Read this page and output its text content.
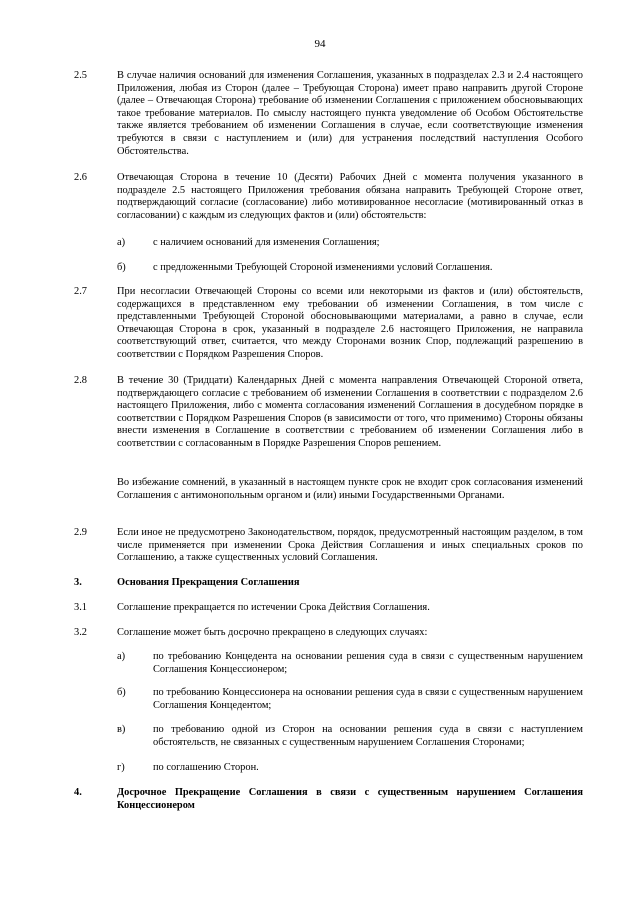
94
2.5	В случае наличия оснований для изменения Соглашения, указанных в подразделах 2.3 и 2.4 настоящего Приложения, любая из Сторон (далее – Требующая Сторона) имеет право направить другой Стороне (далее – Отвечающая Сторона) требование об изменении Соглашения с приложением обосновывающих такое требование материалов. По смыслу настоящего пункта уведомление об Особом Обстоятельстве также является требованием об изменении Соглашения в случае, если соответствующие изменения требуются в связи с наступлением и (или) для устранения последствий наступления Особого Обстоятельства.
2.6	Отвечающая Сторона в течение 10 (Десяти) Рабочих Дней с момента получения указанного в подразделе 2.5 настоящего Приложения требования обязана направить Требующей Стороне ответ, подтверждающий согласие (согласование) либо мотивированное несогласие (мотивированный отказ в согласовании) с каждым из следующих фактов и (или) обстоятельств:
а)	с наличием оснований для изменения Соглашения;
б)	с предложенными Требующей Стороной изменениями условий Соглашения.
2.7	При несогласии Отвечающей Стороны со всеми или некоторыми из фактов и (или) обстоятельств, содержащихся в представленном ему требовании об изменении Соглашения, в том числе с представленными Требующей Стороной обосновывающими материалами, а равно в случае, если Отвечающая Сторона в срок, указанный в подразделе 2.6 настоящего Приложения, не направила соответствующий ответ, считается, что между Сторонами возник Спор, подлежащий разрешению в соответствии с Порядком Разрешения Споров.
2.8	В течение 30 (Тридцати) Календарных Дней с момента направления Отвечающей Стороной ответа, подтверждающего согласие с требованием об изменении Соглашения в соответствии с подразделом 2.6 настоящего Приложения, либо с момента согласования изменений Соглашения в досудебном порядке в соответствии с Порядком Разрешения Споров (в зависимости от того, что применимо) Стороны обязаны внести изменения в Соглашение в соответствии с требованием об изменении Соглашения либо в соответствии с согласованным в Порядке Разрешения Споров решением.
Во избежание сомнений, в указанный в настоящем пункте срок не входит срок согласования изменений Соглашения с антимонопольным органом и (или) иными Государственными Органами.
2.9	Если иное не предусмотрено Законодательством, порядок, предусмотренный настоящим разделом, в том числе применяется при изменении Срока Действия Соглашения и иных специальных сроков по Соглашению, а также существенных условий Соглашения.
3.	Основания Прекращения Соглашения
3.1	Соглашение прекращается по истечении Срока Действия Соглашения.
3.2	Соглашение может быть досрочно прекращено в следующих случаях:
а)	по требованию Концедента на основании решения суда в связи с существенным нарушением Соглашения Концессионером;
б)	по требованию Концессионера на основании решения суда в связи с существенным нарушением Соглашения Концедентом;
в)	по требованию одной из Сторон на основании решения суда в связи с наступлением обстоятельств, не связанных с существенным нарушением Соглашения Сторонами;
г)	по соглашению Сторон.
4.	Досрочное Прекращение Соглашения в связи с существенным нарушением Соглашения Концессионером
